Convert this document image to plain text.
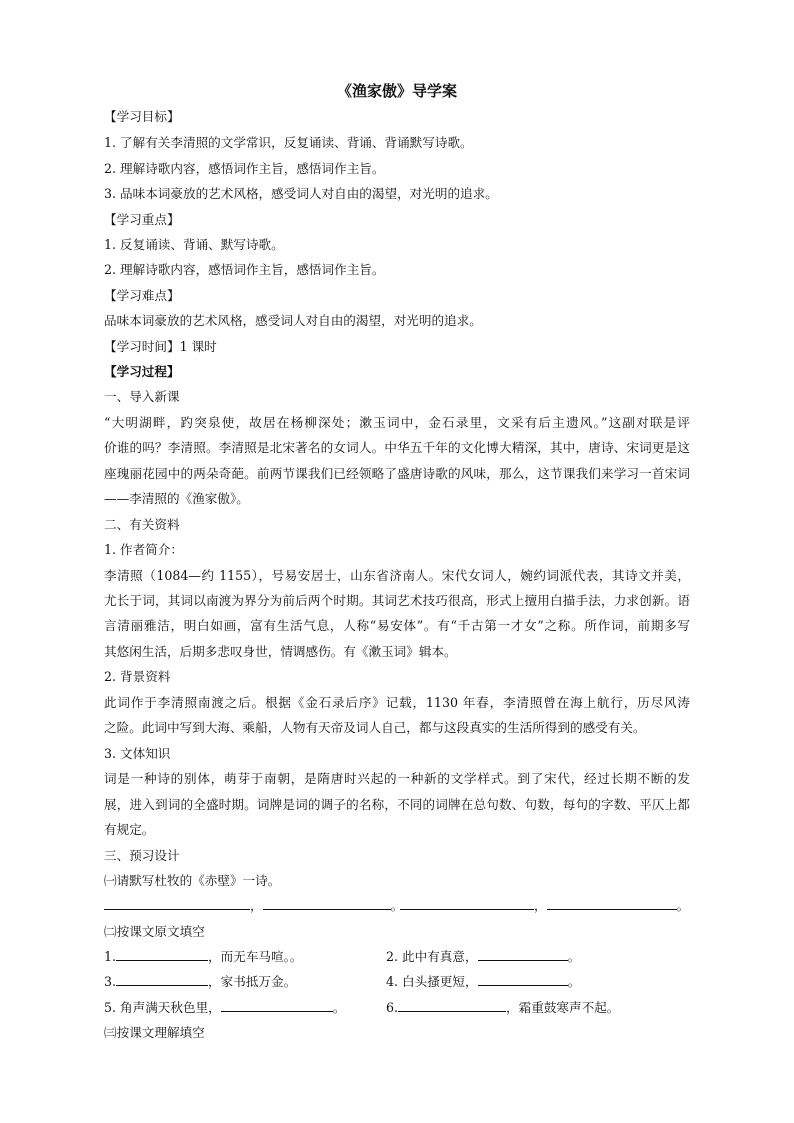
《渔家傲》导学案
【学习目标】
1. 了解有关李清照的文学常识，反复诵读、背诵、背诵默写诗歌。
2. 理解诗歌内容，感悟词作主旨，感悟词作主旨。
3. 品味本词豪放的艺术风格，感受词人对自由的渴望，对光明的追求。
【学习重点】
1. 反复诵读、背诵、默写诗歌。
2. 理解诗歌内容，感悟词作主旨，感悟词作主旨。
【学习难点】
品味本词豪放的艺术风格，感受词人对自由的渴望，对光明的追求。
【学习时间】1 课时
【学习过程】
一、导入新课
“大明湖畔，趵突泉使，故居在杨柳深处；漱玉词中，金石录里，文采有后主遗风。”这副对联是评
价谁的吗？李清照。李清照是北宋著名的女词人。中华五千年的文化博大精深，其中，唐诗、宋词更是这
座瑰丽花园中的两朵奇葩。前两节课我们已经领略了盛唐诗歌的风味，那么，这节课我们来学习一首宋词
——李清照的《渔家傲》。
二、有关资料
1. 作者简介：
李清照（1084—约 1155），号易安居士，山东省济南人。宋代女词人，婉约词派代表，其诗文并美，
尤长于词，其词以南渡为界分为前后两个时期。其词艺术技巧很高，形式上擅用白描手法，力求创新。语
言清丽雅洁，明白如画，富有生活气息，人称“易安体”。有“千古第一才女”之称。所作词，前期多写
其悠闲生活，后期多悲叹身世，情调感伤。有《漱玉词》辑本。
2. 背景资料
此词作于李清照南渡之后。根据《金石录后序》记载，1130 年春，李清照曾在海上航行，历尽风涛
之险。此词中写到大海、乘船，人物有天帝及词人自己，都与这段真实的生活所得到的感受有关。
3. 文体知识
词是一种诗的别体，萌芽于南朝，是隋唐时兴起的一种新的文学样式。到了宋代，经过长期不断的发
展，进入到词的全盛时期。词牌是词的调子的名称，不同的词牌在总句数、句数，每句的字数、平仄上都
有规定。
三、预习设计
㈠请默写杜牧的《赤壁》一诗。
，	。	，	。
㈡按课文原文填空
1.	，而无车马喧。。	2. 此中有真意，	。
3.	，家书抵万金。	4. 白头搔更短，	。
5. 角声满天秋色里，	。	6.	，霜重鼓寒声不起。
㈢按课文理解填空
